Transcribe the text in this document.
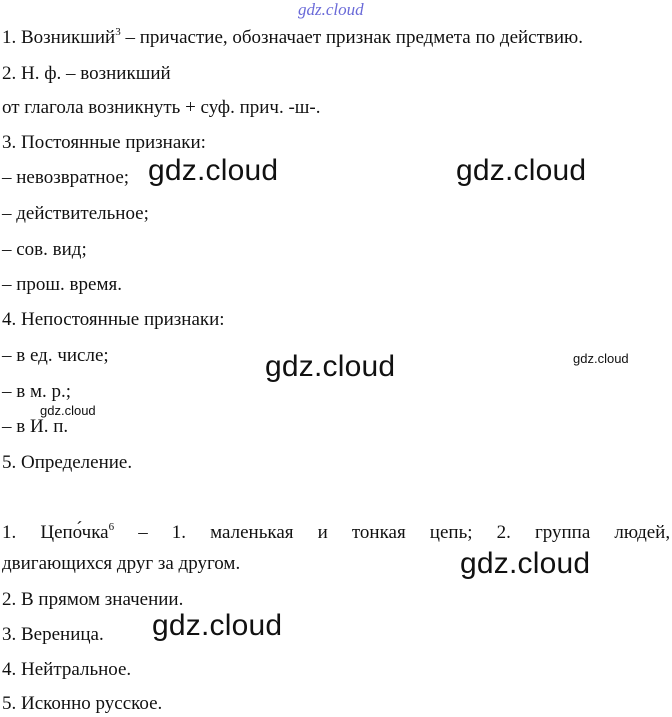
gdz.cloud
gdz.cloud	gdz.cloud
gdz.cloud	gdz.cloud
gdz.cloud
gdz.cloud
gdz.cloud
1. Возникший$^3$ – причастие, обозначает признак предмета по действию.
2. Н. ф. – возникший
от глагола возникнуть + суф. прич. -ш-.
3. Постоянные признаки:
– невозвратное;
– действительное;
– сов. вид;
– прош. время.
4. Непостоянные признаки:
– в ед. числе;
– в м. р.;
– в И. п.
5. Определение.
1. Цепо́чка$^6$ – 1. маленькая и тонкая цепь; 2. группа людей,
двигающихся друг за другом.
2. В прямом значении.
3. Вереница.
4. Нейтральное.
5. Исконно русское.
